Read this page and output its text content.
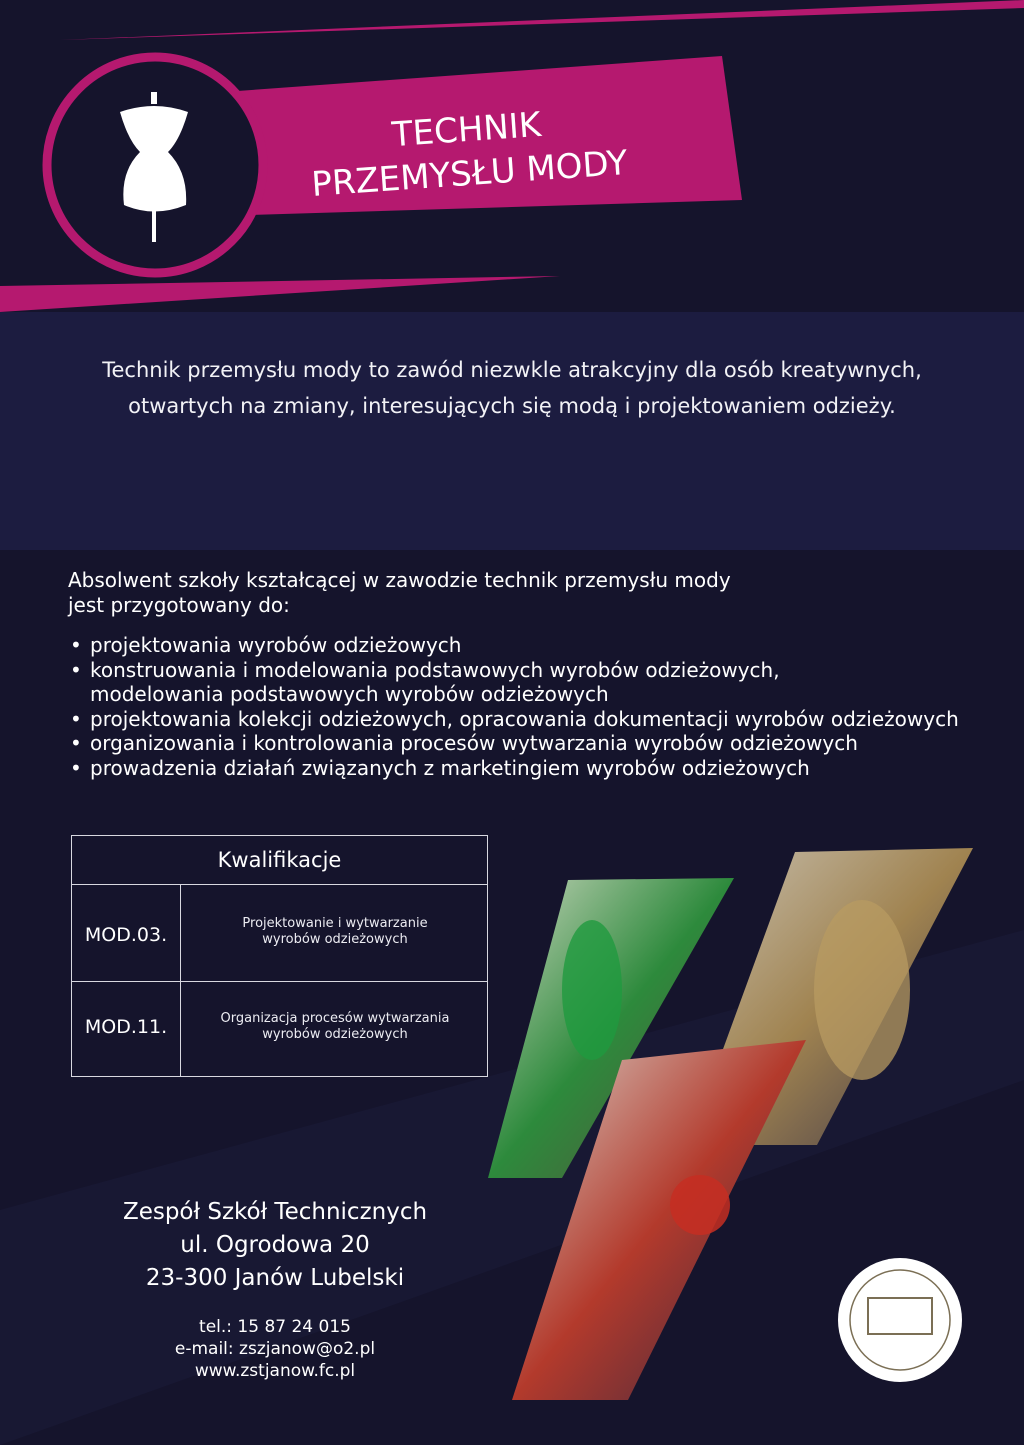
TECHNIK
PRZEMYSŁU MODY
Technik przemysłu mody to zawód niezwkle atrakcyjny dla osób kreatywnych,
otwartych na zmiany, interesujących się modą i projektowaniem odzieży.
Absolwent szkoły kształcącej w zawodzie technik przemysłu mody
jest przygotowany do:
• projektowania wyrobów odzieżowych
• konstruowania i modelowania podstawowych wyrobów odzieżowych,
modelowania podstawowych wyrobów odzieżowych
• projektowania kolekcji odzieżowych, opracowania dokumentacji wyrobów odzieżowych
• organizowania i kontrolowania procesów wytwarzania wyrobów odzieżowych
• prowadzenia działań związanych z marketingiem wyrobów odzieżowych
Kwalifikacje
MOD.03.
Projektowanie i wytwarzanie
wyrobów odzieżowych
MOD.11.	Organizacja procesów wytwarzania
wyrobów odzieżowych
Zespół Szkół Technicznych
ul. Ogrodowa 20
23-300 Janów Lubelski
tel.: 15 87 24 015
e-mail: zszjanow@o2.pl
www.zstjanow.fc.pl
